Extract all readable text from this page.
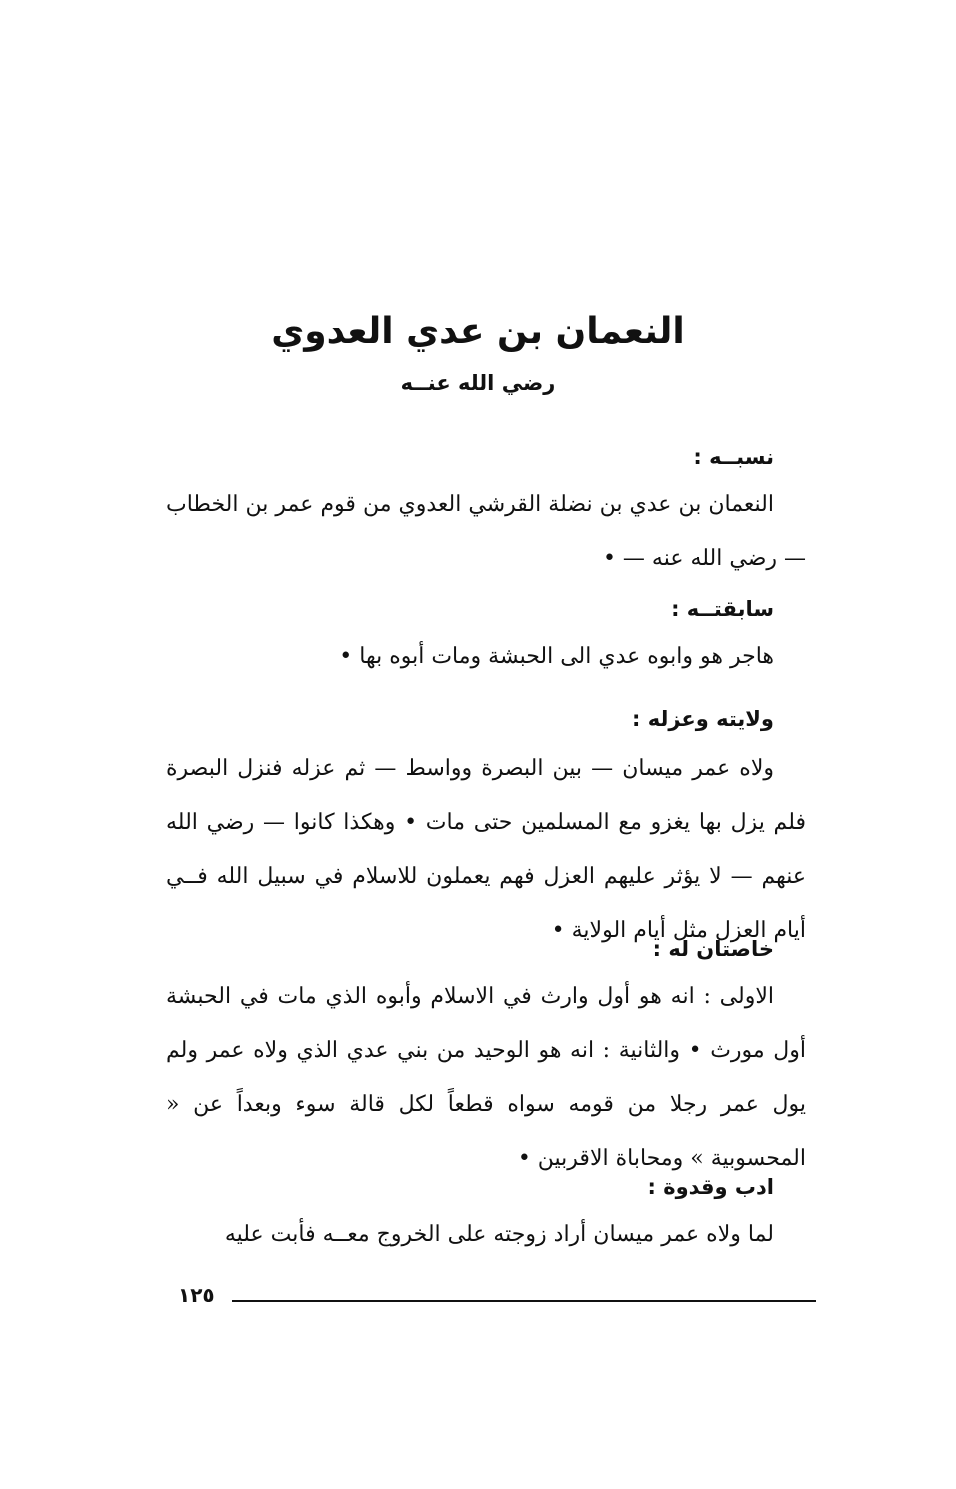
النعمان بن عدي العدوي
رضي الله عنــه
نسبــه :

النعمان بن عدي بن نضلة القرشي العدوي من قوم عمر بن الخطاب — رضي الله عنه — •

سابقتــه :

هاجر هو وابوه عدي الى الحبشة ومات أبوه بها •

ولايته وعزله :

ولاه عمر ميسان — بين البصرة وواسط — ثم عزله فنزل البصرة فلم يزل بها يغزو مع المسلمين حتى مات • وهكذا كانوا — رضي الله عنهم — لا يؤثر عليهم العزل فهم يعملون للاسلام في سبيل الله فــي أيام العزل مثل أيام الولاية •

خاصتان له :

الاولى : انه هو أول وارث في الاسلام وأبوه الذي مات في الحبشة أول مورث • والثانية : انه هو الوحيد من بني عدي الذي ولاه عمر ولم يول عمر رجلا من قومه سواه قطعاً لكل قالة سوء وبعداً عن « المحسوبية » ومحاباة الاقربين •

ادب وقدوة :

لما ولاه عمر ميسان أراد زوجته على الخروج معــه فأبت عليه

١٢٥
